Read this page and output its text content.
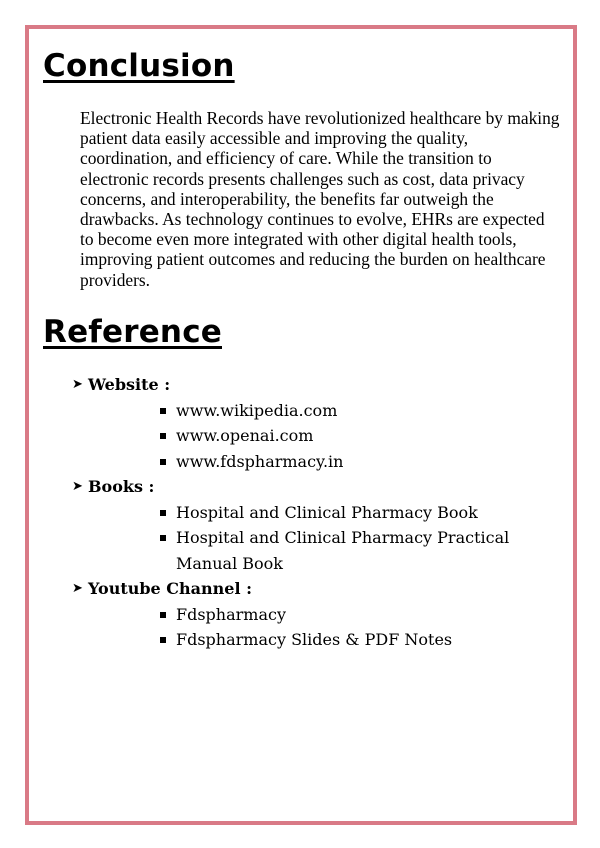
Conclusion

Electronic Health Records have revolutionized healthcare by making patient data easily accessible and improving the quality, coordination, and efficiency of care. While the transition to electronic records presents challenges such as cost, data privacy concerns, and interoperability, the benefits far outweigh the drawbacks. As technology continues to evolve, EHRs are expected to become even more integrated with other digital health tools, improving patient outcomes and reducing the burden on healthcare providers.

Reference
➤ Website :
www.wikipedia.com
www.openai.com
www.fdspharmacy.in
➤ Books :
Hospital and Clinical Pharmacy Book
Hospital and Clinical Pharmacy Practical Manual Book
➤ Youtube Channel :
Fdspharmacy
Fdspharmacy Slides & PDF Notes
